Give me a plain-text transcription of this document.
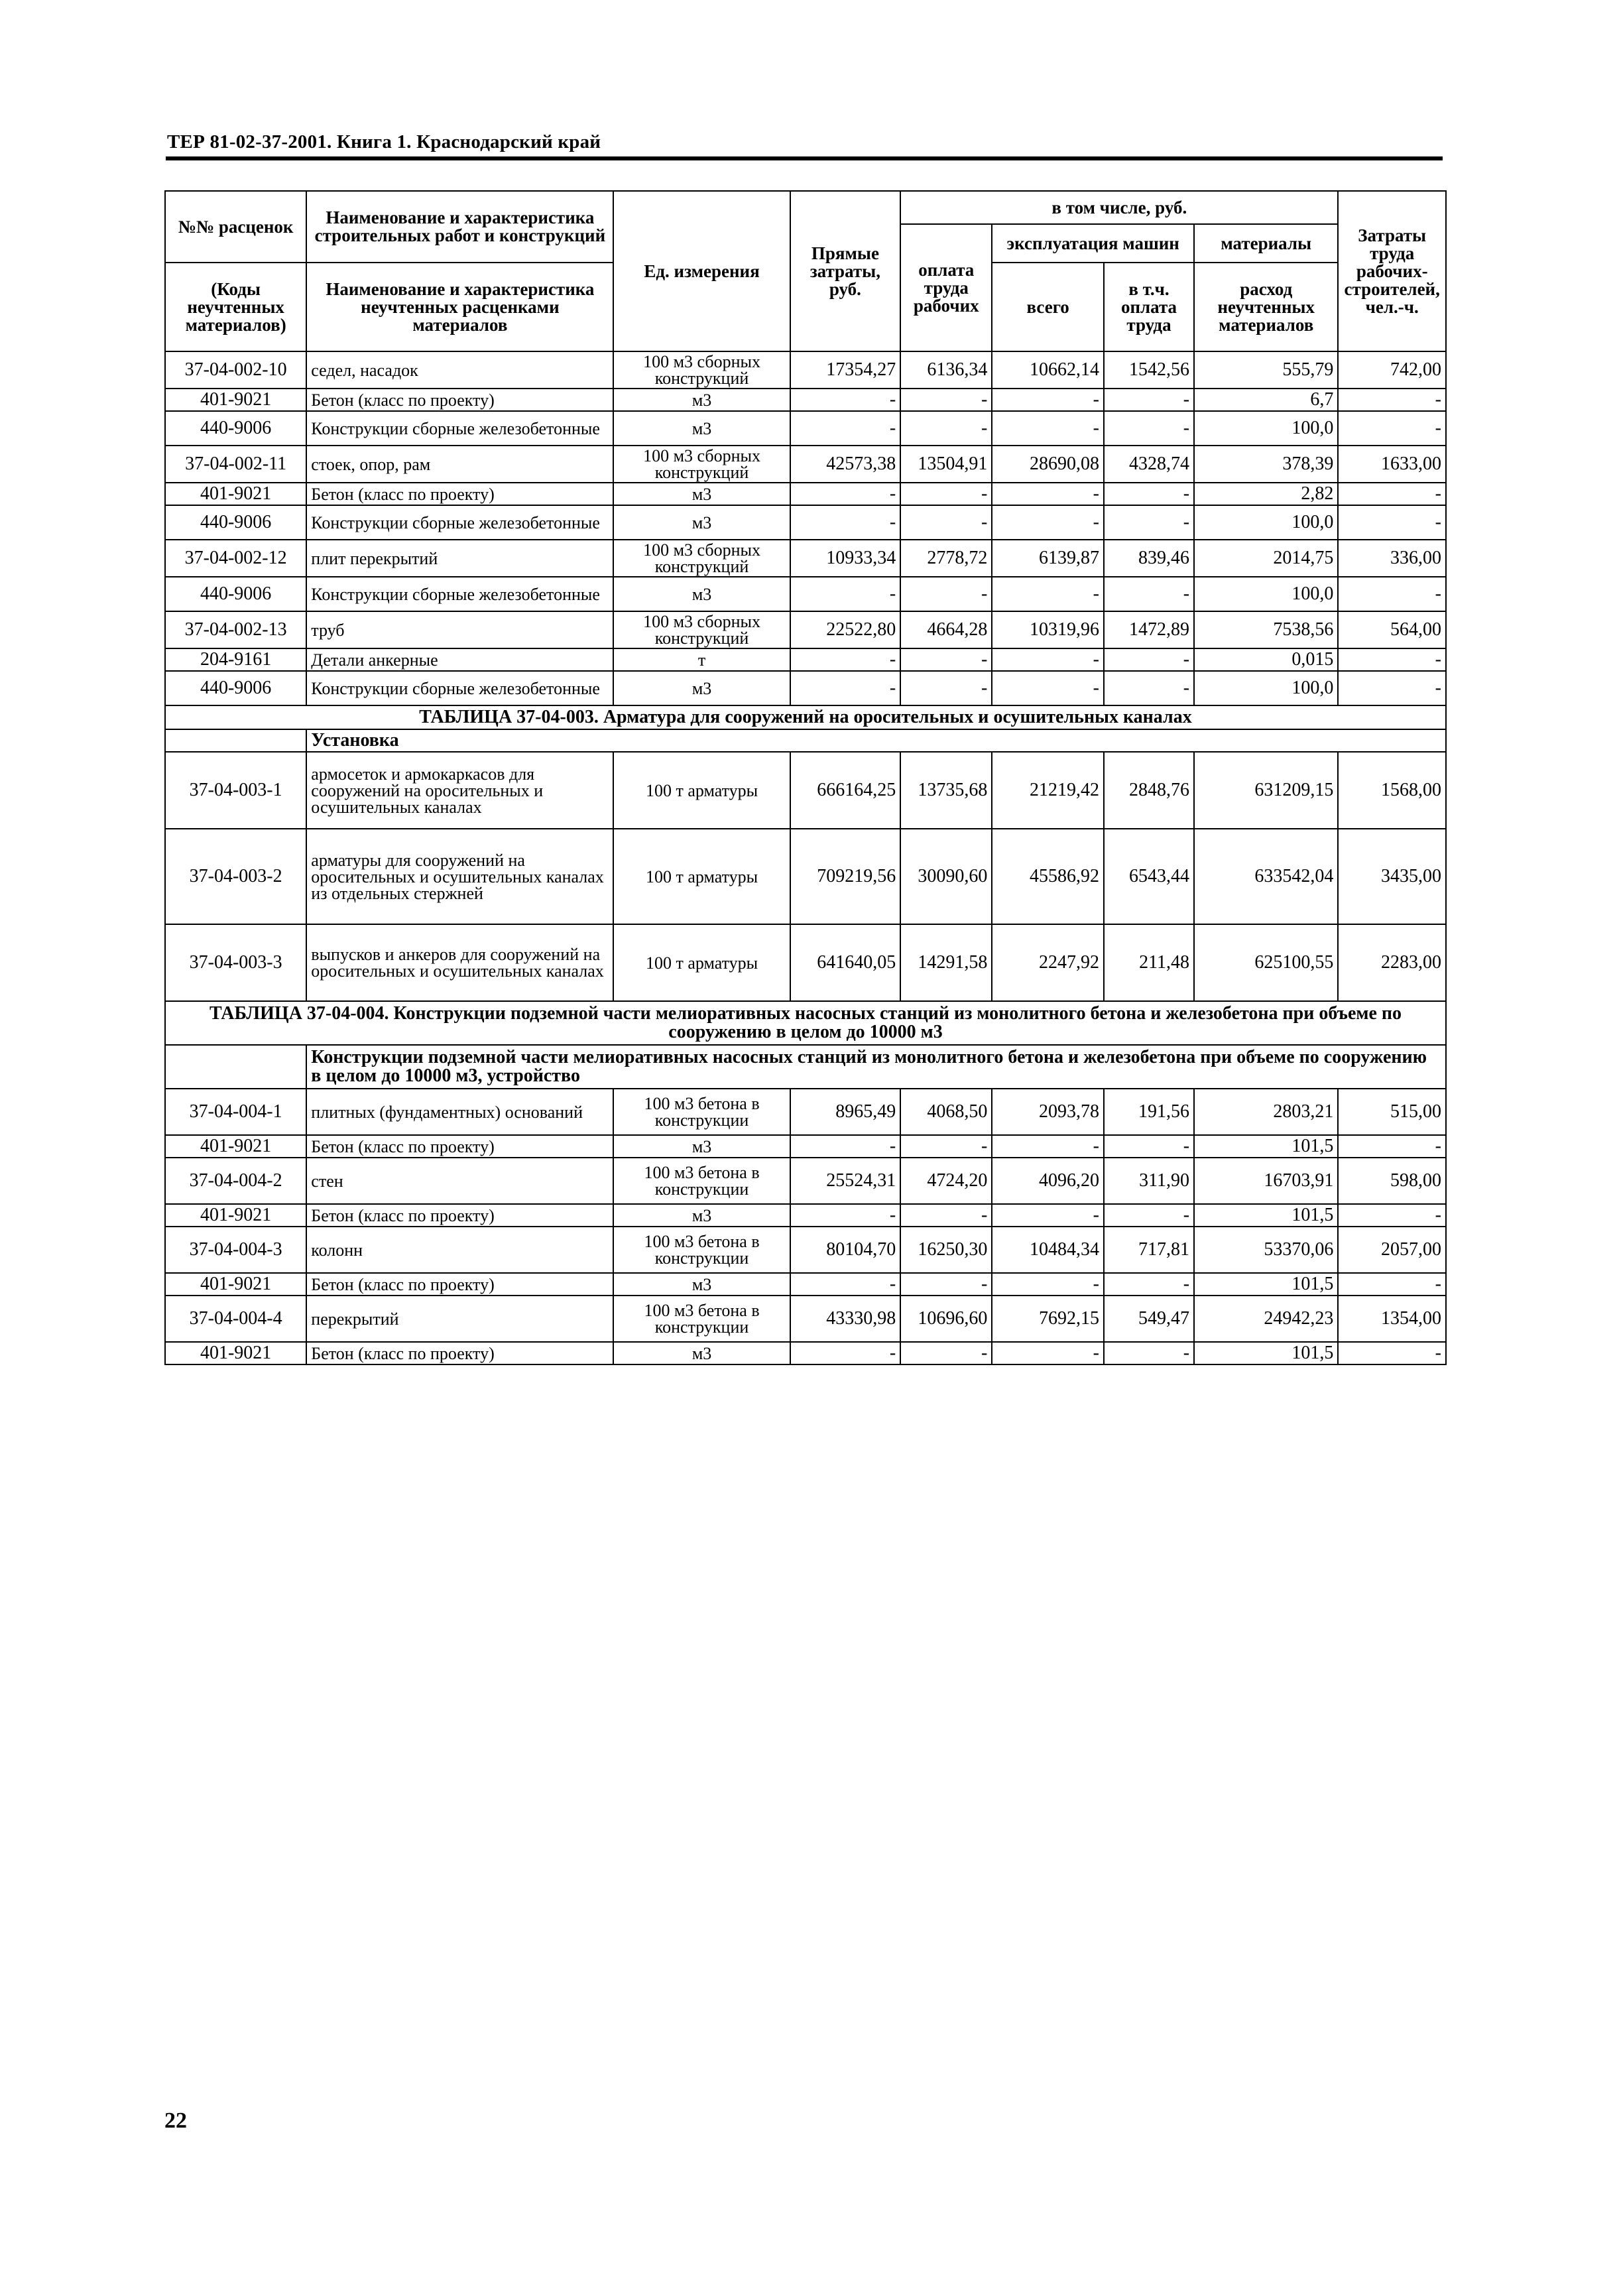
ТЕР 81-02-37-2001. Книга 1. Краснодарский край
№№ расценок	Наименование и характеристика строительных работ и конструкций	Ед. измерения	Прямые затраты, руб.	в том числе, руб.				Затраты труда рабочих-строителей, чел.-ч.
				оплата труда рабочих	эксплуатация машин		материалы	
(Коды неучтенных материалов)	Наименование и характеристика неучтенных расценками материалов				всего	в т.ч. оплата труда	расход неучтенных материалов	

37-04-002-10	седел, насадок	100 м3 сборных конструкций	17354,27	6136,34	10662,14	1542,56	555,79	742,00
401-9021	Бетон (класс по проекту)	м3	-	-	-	-	6,7	-
440-9006	Конструкции сборные железобетонные	м3	-	-	-	-	100,0	-
37-04-002-11	стоек, опор, рам	100 м3 сборных конструкций	42573,38	13504,91	28690,08	4328,74	378,39	1633,00
401-9021	Бетон (класс по проекту)	м3	-	-	-	-	2,82	-
440-9006	Конструкции сборные железобетонные	м3	-	-	-	-	100,0	-
37-04-002-12	плит перекрытий	100 м3 сборных конструкций	10933,34	2778,72	6139,87	839,46	2014,75	336,00
440-9006	Конструкции сборные железобетонные	м3	-	-	-	-	100,0	-
37-04-002-13	труб	100 м3 сборных конструкций	22522,80	4664,28	10319,96	1472,89	7538,56	564,00
204-9161	Детали анкерные	т	-	-	-	-	0,015	-
440-9006	Конструкции сборные железобетонные	м3	-	-	-	-	100,0	-
ТАБЛИЦА 37-04-003. Арматура для сооружений на оросительных и осушительных каналах								
	Установка							
37-04-003-1	армосеток и армокаркасов для сооружений на оросительных и осушительных каналах	100 т арматуры	666164,25	13735,68	21219,42	2848,76	631209,15	1568,00
37-04-003-2	арматуры для сооружений на оросительных и осушительных каналах из отдельных стержней	100 т арматуры	709219,56	30090,60	45586,92	6543,44	633542,04	3435,00
37-04-003-3	выпусков и анкеров для сооружений на оросительных и осушительных каналах	100 т арматуры	641640,05	14291,58	2247,92	211,48	625100,55	2283,00
ТАБЛИЦА 37-04-004. Конструкции подземной части мелиоративных насосных станций из монолитного бетона и железобетона при объеме по сооружению в целом до 10000 м3								
	Конструкции подземной части мелиоративных насосных станций из монолитного бетона и железобетона при объеме по сооружению в целом до 10000 м3, устройство							
37-04-004-1	плитных (фундаментных) оснований	100 м3 бетона в конструкции	8965,49	4068,50	2093,78	191,56	2803,21	515,00
401-9021	Бетон (класс по проекту)	м3	-	-	-	-	101,5	-
37-04-004-2	стен	100 м3 бетона в конструкции	25524,31	4724,20	4096,20	311,90	16703,91	598,00
401-9021	Бетон (класс по проекту)	м3	-	-	-	-	101,5	-
37-04-004-3	колонн	100 м3 бетона в конструкции	80104,70	16250,30	10484,34	717,81	53370,06	2057,00
401-9021	Бетон (класс по проекту)	м3	-	-	-	-	101,5	-
37-04-004-4	перекрытий	100 м3 бетона в конструкции	43330,98	10696,60	7692,15	549,47	24942,23	1354,00
401-9021	Бетон (класс по проекту)	м3	-	-	-	-	101,5	-
22
